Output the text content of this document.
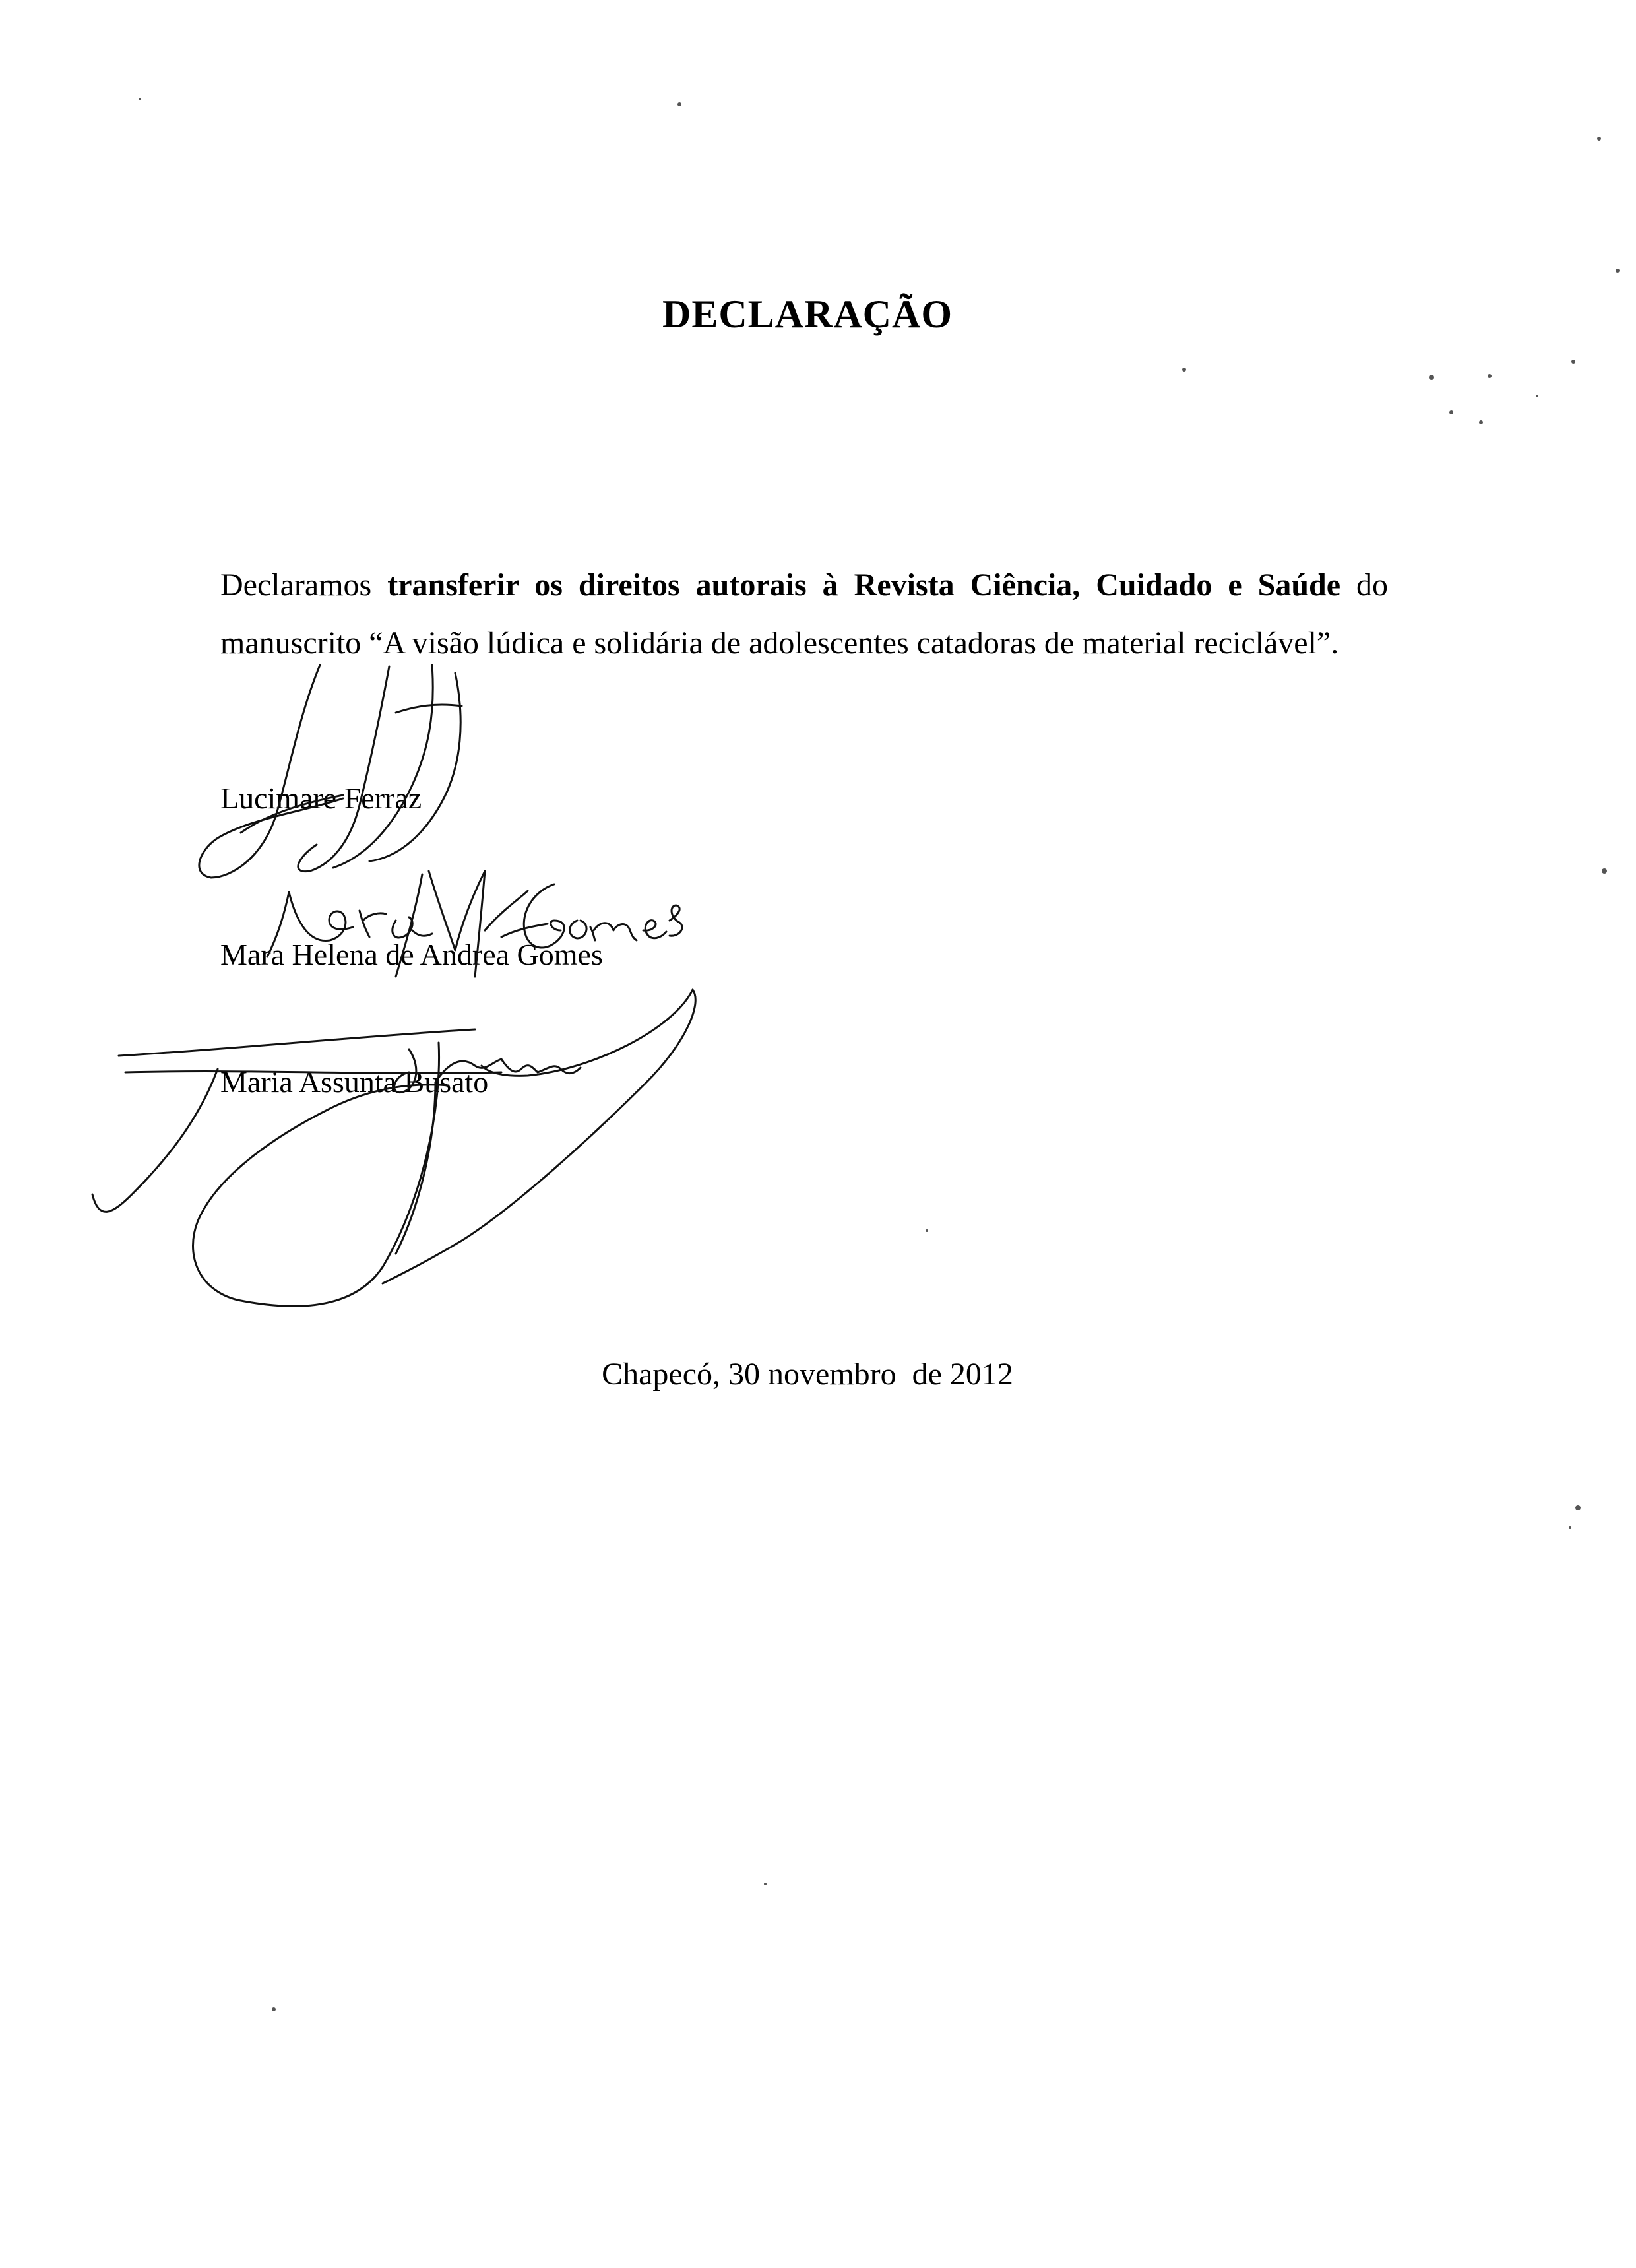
DECLARAÇÃO

Declaramos transferir os direitos autorais à Revista Ciência, Cuidado e Saúde do manuscrito “A visão lúdica e solidária de adolescentes catadoras de material reciclável”.

Lucimare Ferraz
Mara Helena de Andrea Gomes
Maria Assunta Busato
Chapecó, 30 novembro  de 2012
